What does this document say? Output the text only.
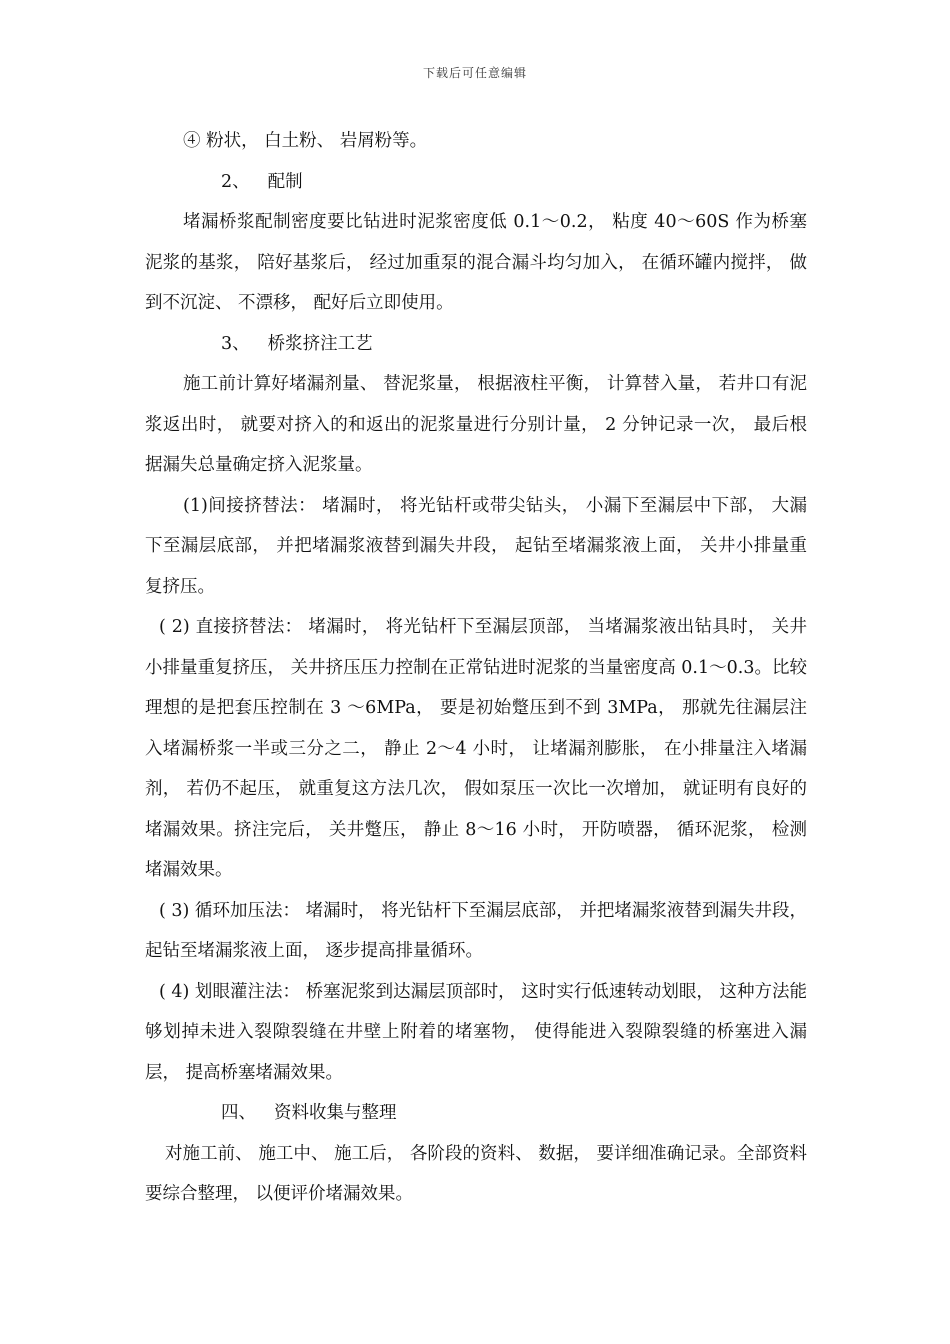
下载后可任意编辑

④ 粉状， 白土粉、 岩屑粉等。

2、 配制

堵漏桥浆配制密度要比钻进时泥浆密度低 0.1～0.2， 粘度 40～60S 作为桥塞泥浆的基浆， 陪好基浆后， 经过加重泵的混合漏斗均匀加入， 在循环罐内搅拌， 做到不沉淀、 不漂移， 配好后立即使用。

3、 桥浆挤注工艺

施工前计算好堵漏剂量、 替泥浆量， 根据液柱平衡， 计算替入量， 若井口有泥浆返出时， 就要对挤入的和返出的泥浆量进行分别计量， 2 分钟记录一次， 最后根据漏失总量确定挤入泥浆量。

(1)间接挤替法： 堵漏时， 将光钻杆或带尖钻头， 小漏下至漏层中下部， 大漏下至漏层底部， 并把堵漏浆液替到漏失井段， 起钻至堵漏浆液上面， 关井小排量重复挤压。

( 2) 直接挤替法： 堵漏时， 将光钻杆下至漏层顶部， 当堵漏浆液出钻具时， 关井小排量重复挤压， 关井挤压压力控制在正常钻进时泥浆的当量密度高 0.1～0.3。比较理想的是把套压控制在 3 ～6MPa， 要是初始蹩压到不到 3MPa， 那就先往漏层注入堵漏桥浆一半或三分之二， 静止 2～4 小时， 让堵漏剂膨胀， 在小排量注入堵漏剂， 若仍不起压， 就重复这方法几次， 假如泵压一次比一次增加， 就证明有良好的堵漏效果。挤注完后， 关井蹩压， 静止 8～16 小时， 开防喷器， 循环泥浆， 检测堵漏效果。

( 3) 循环加压法： 堵漏时， 将光钻杆下至漏层底部， 并把堵漏浆液替到漏失井段， 起钻至堵漏浆液上面， 逐步提高排量循环。

( 4) 划眼灌注法： 桥塞泥浆到达漏层顶部时， 这时实行低速转动划眼， 这种方法能够划掉未进入裂隙裂缝在井壁上附着的堵塞物， 使得能进入裂隙裂缝的桥塞进入漏层， 提高桥塞堵漏效果。

四、 资料收集与整理

对施工前、 施工中、 施工后， 各阶段的资料、 数据， 要详细准确记录。全部资料要综合整理， 以便评价堵漏效果。
